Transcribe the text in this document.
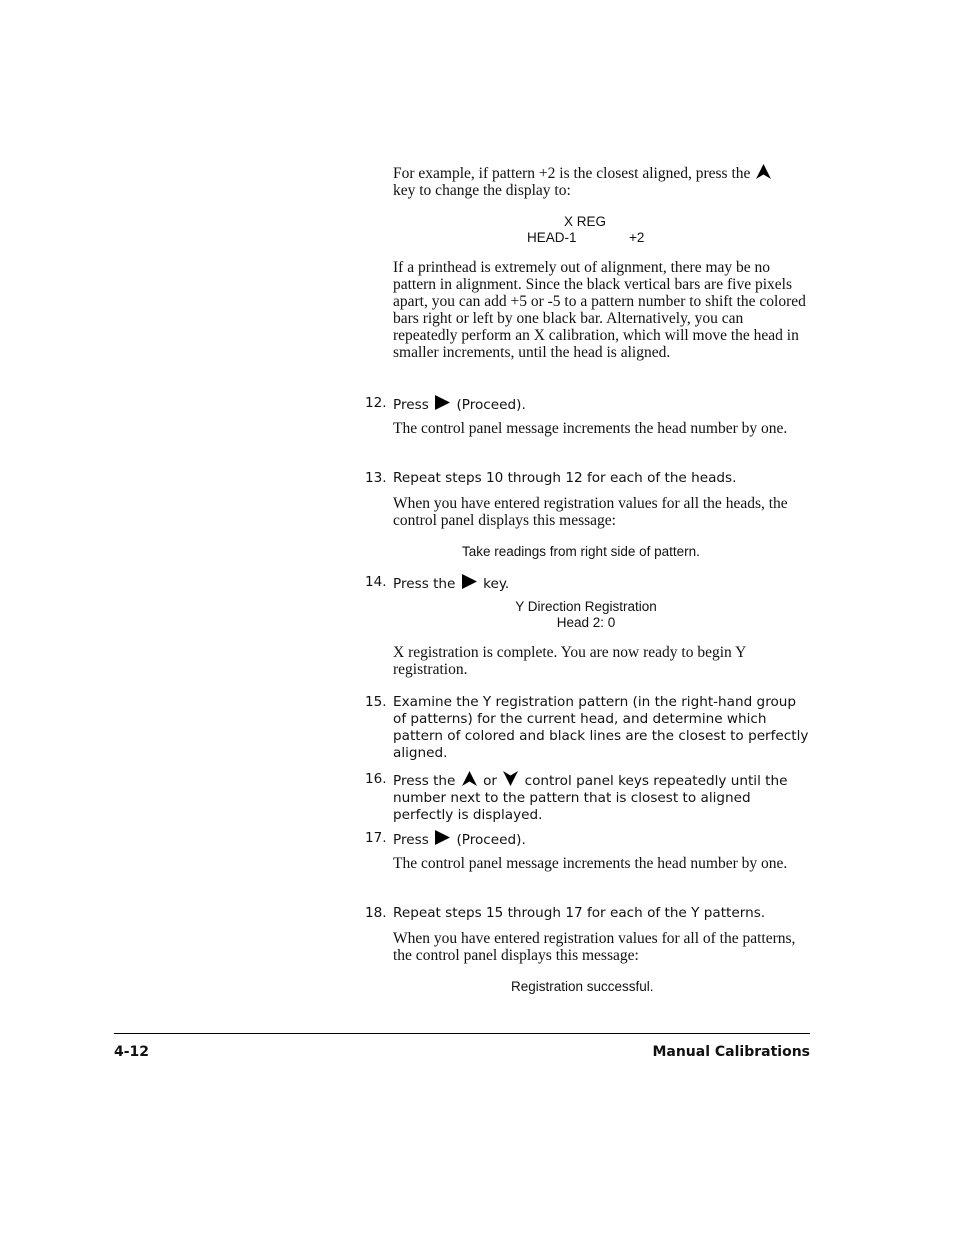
For example, if pattern +2 is the closest aligned, press the

key to change the display to:
X REG
HEAD-1	+2
If a printhead is extremely out of alignment, there may be no pattern in alignment. Since the black vertical bars are five pixels apart, you can add +5 or -5 to a pattern number to shift the colored bars right or left by one black bar. Alternatively, you can repeatedly perform an X calibration, which will move the head in smaller increments, until the head is aligned.
12. Press (Proceed).
The control panel message increments the head number by one.
13. Repeat steps 10 through 12 for each of the heads.
When you have entered registration values for all the heads, the control panel displays this message:
Take readings from right side of pattern.
14. Press the key.
Y Direction Registration
Head 2: 0
X registration is complete. You are now ready to begin Y registration.
15. Examine the Y registration pattern (in the right-hand group of patterns) for the current head, and determine which pattern of colored and black lines are the closest to perfectly aligned.
16. Press the or control panel keys repeatedly until the number next to the pattern that is closest to aligned perfectly is displayed.
17. Press (Proceed).
The control panel message increments the head number by one.
18. Repeat steps 15 through 17 for each of the Y patterns.
When you have entered registration values for all of the patterns, the control panel displays this message:
Registration successful.
4-12	Manual Calibrations
